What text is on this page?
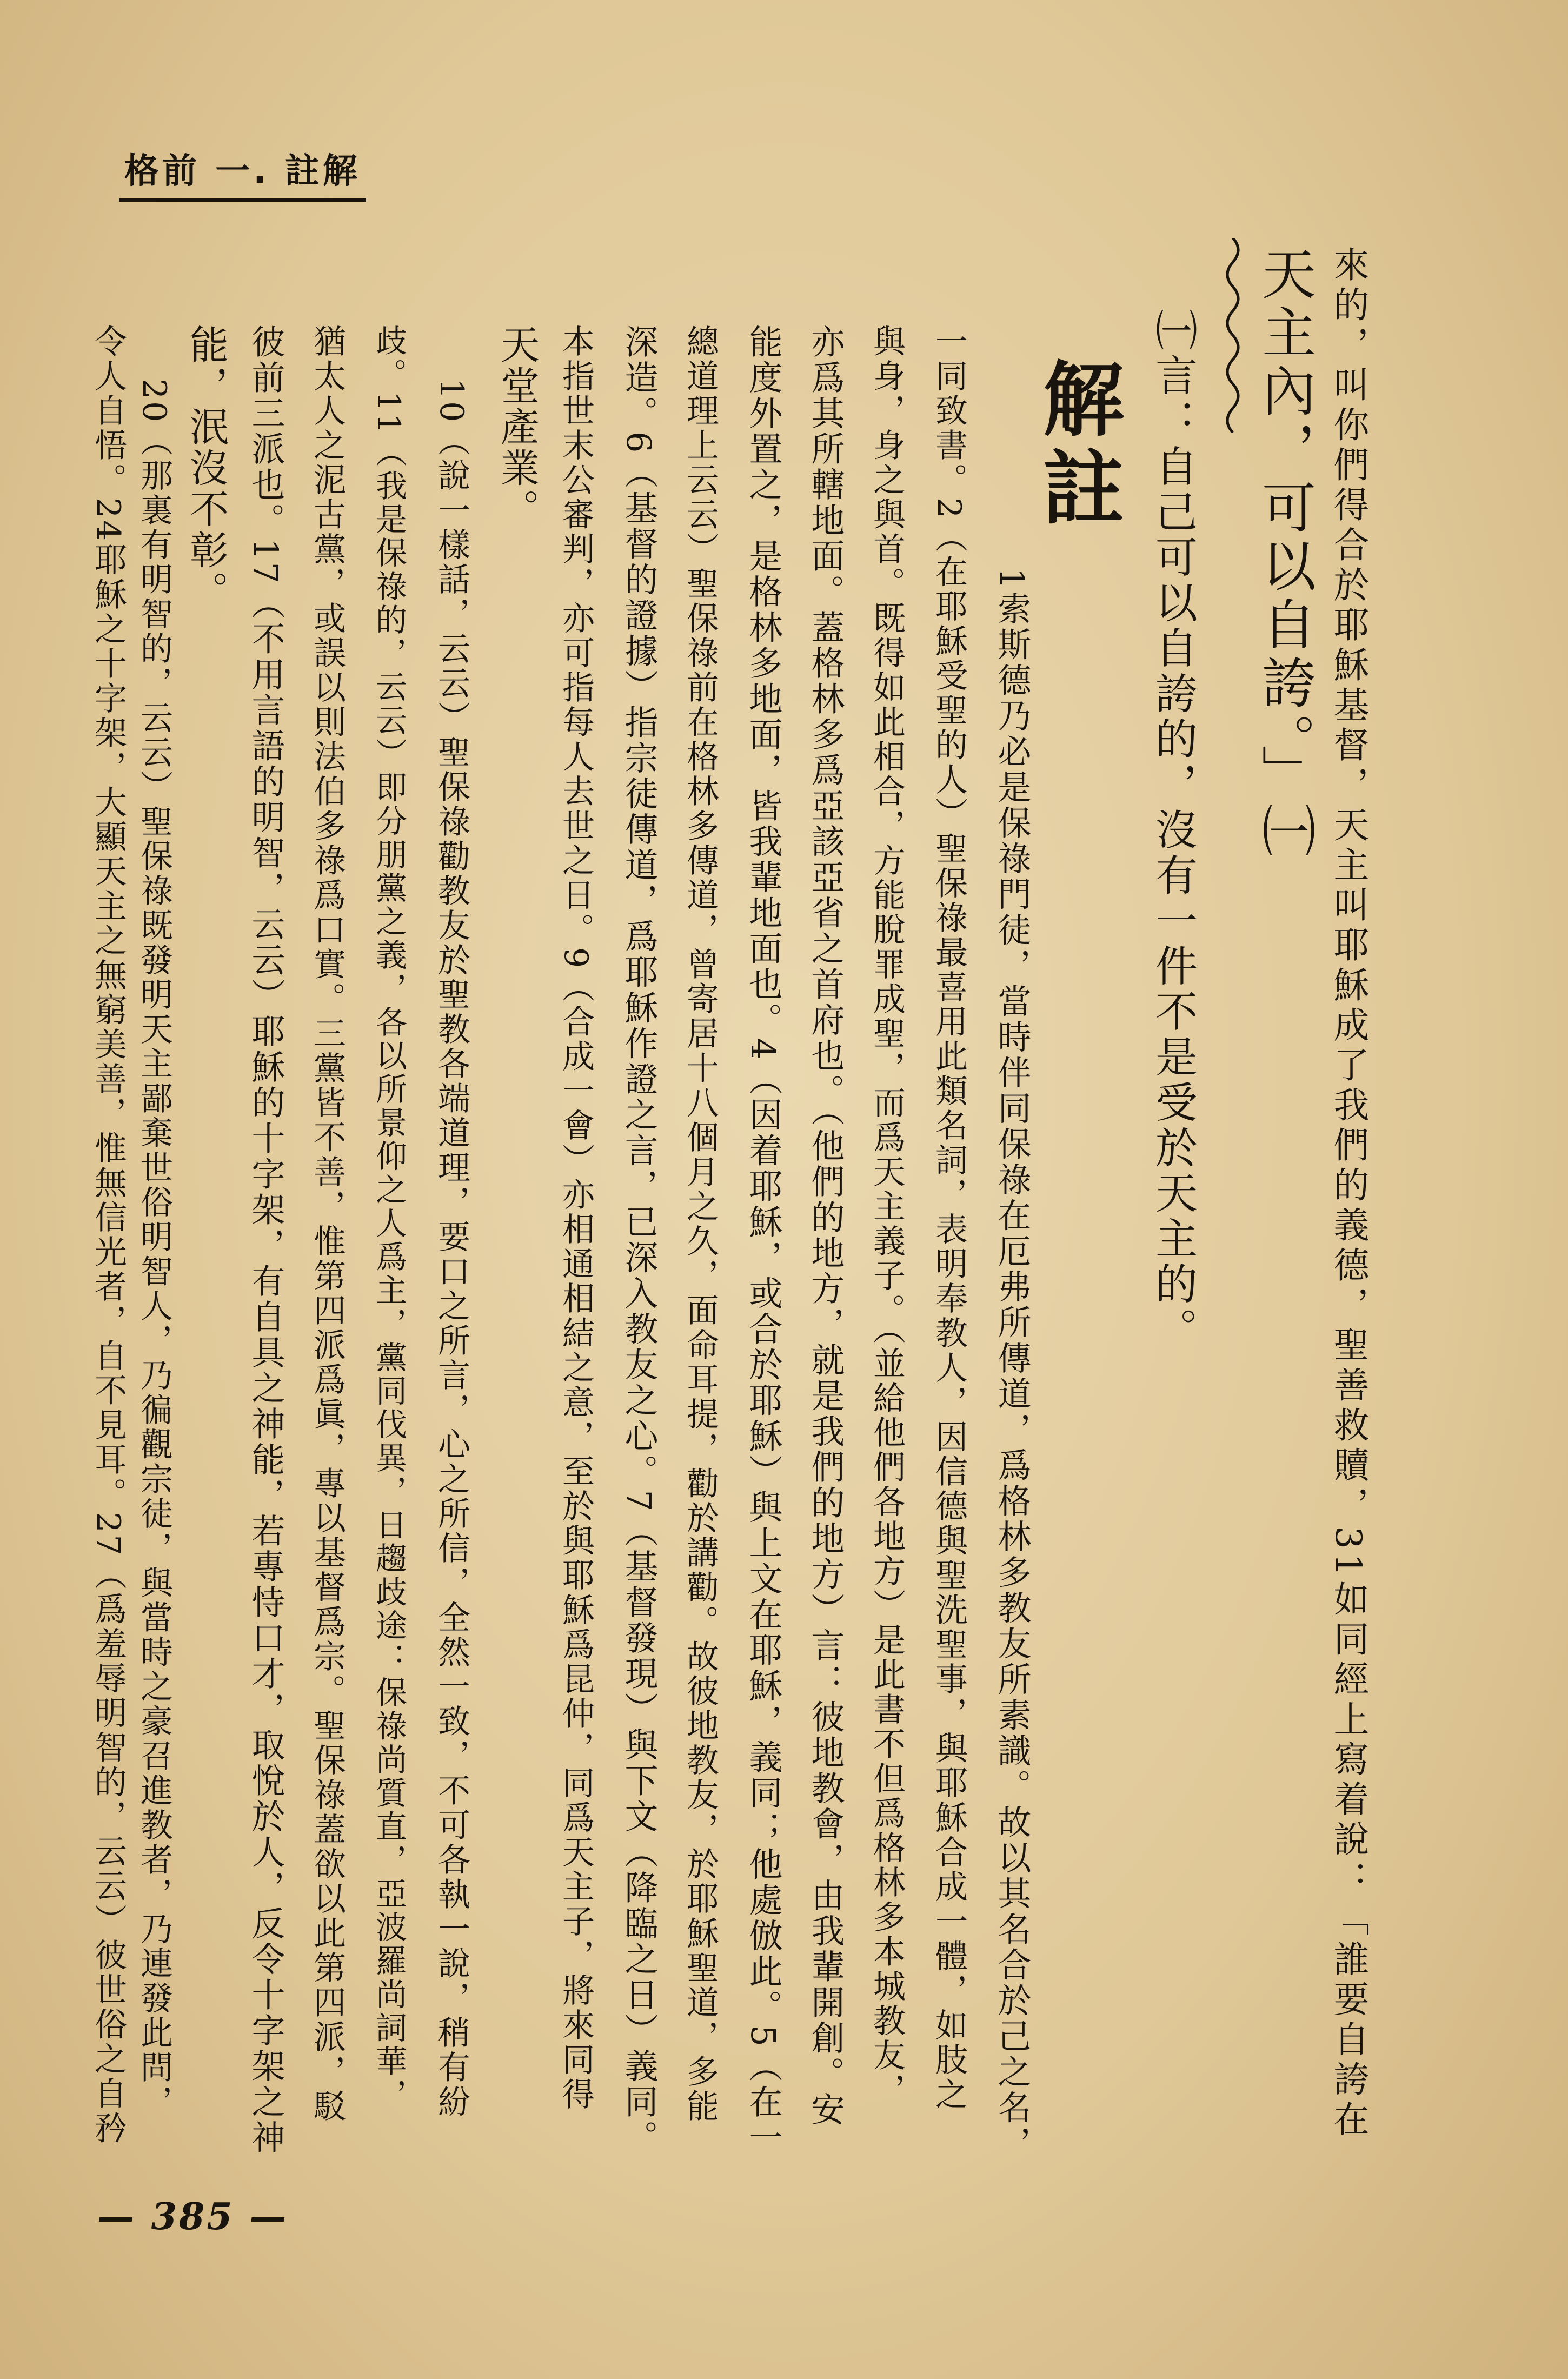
格前 一. 註解
來的，叫你們得合於耶穌基督，天主叫耶穌成了我們的義德，聖善救贖，31如同經上寫着說：「誰要自誇在
天主內，可以自誇。」㈠
㈠言：自己可以自誇的，沒有一件不是受於天主的。
解註
1索斯德乃必是保祿門徒，當時伴同保祿在厄弗所傳道，爲格林多教友所素識。故以其名合於己之名，
一同致書。2（在耶穌受聖的人）聖保祿最喜用此類名詞，表明奉教人，因信德與聖洗聖事，與耶穌合成一體，如肢之
與身，身之與首。既得如此相合，方能脫罪成聖，而爲天主義子。（並給他們各地方）是此書不但爲格林多本城教友，
亦爲其所轄地面。蓋格林多爲亞該亞省之首府也。（他們的地方，就是我們的地方）言：彼地教會，由我輩開創。安
能度外置之，是格林多地面，皆我輩地面也。4（因着耶穌，或合於耶穌）與上文在耶穌，義同；他處倣此。5（在一
總道理上云云）聖保祿前在格林多傳道，曾寄居十八個月之久，面命耳提，勸於講勸。故彼地教友，於耶穌聖道，多能
深造。6（基督的證據）指宗徒傳道，爲耶穌作證之言，已深入教友之心。7（基督發現）與下文（降臨之日）義同。
本指世末公審判，亦可指每人去世之日。9（合成一會）亦相通相結之意，至於與耶穌爲昆仲，同爲天主子，將來同得
天堂產業。
10（說一樣話，云云）聖保祿勸教友於聖教各端道理，要口之所言，心之所信，全然一致，不可各執一說，稍有紛
歧。11（我是保祿的，云云）即分朋黨之義，各以所景仰之人爲主，黨同伐異，日趨歧途：保祿尚質直，亞波羅尚詞華，
猶太人之泥古黨，或誤以則法伯多祿爲口實。三黨皆不善，惟第四派爲眞，專以基督爲宗。聖保祿蓋欲以此第四派，駁
彼前三派也。17（不用言語的明智，云云）耶穌的十字架，有自具之神能，若專恃口才，取悅於人，反令十字架之神
能，泯沒不彰。
20（那裏有明智的，云云）聖保祿既發明天主鄙棄世俗明智人，乃徧觀宗徒，與當時之豪召進教者，乃連發此問，
令人自悟。24耶穌之十字架，大顯天主之無窮美善，惟無信光者，自不見耳。27（爲羞辱明智的，云云）彼世俗之自矜
— 385 —
